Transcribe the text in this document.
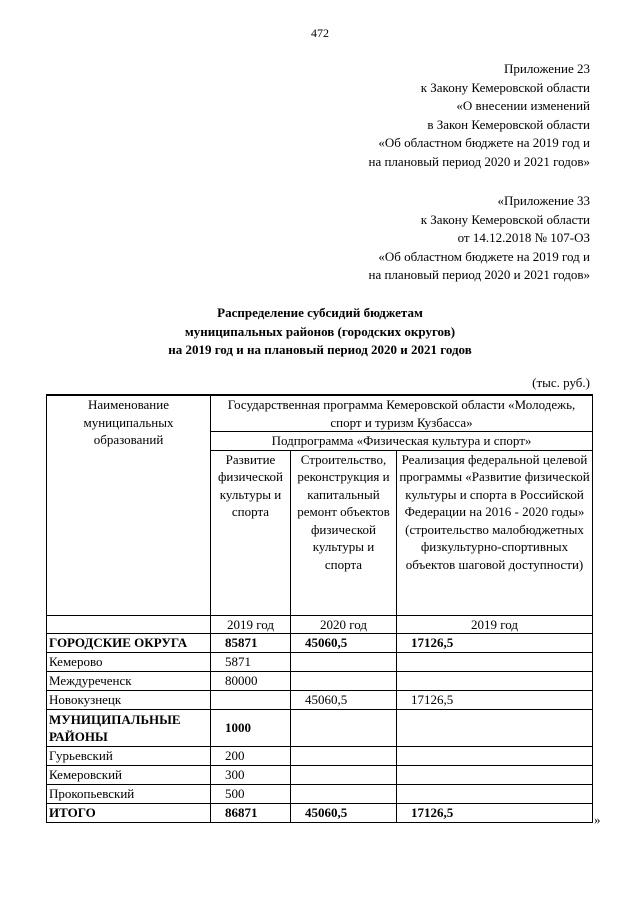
472
Приложение 23
к Закону Кемеровской области
«О внесении изменений
в Закон Кемеровской области
«Об областном бюджете на 2019 год и
на плановый период 2020 и 2021 годов»
«Приложение 33
к Закону Кемеровской области
от 14.12.2018 № 107-ОЗ
«Об областном бюджете на 2019 год и
на плановый период 2020 и 2021 годов»
Распределение субсидий бюджетам
муниципальных районов (городских округов)
на 2019 год и на плановый период 2020 и 2021 годов
(тыс. руб.)
Наименование муниципальных образований	Государственная программа Кемеровской области «Молодежь, спорт и туризм Кузбасса»		
	Подпрограмма «Физическая культура и спорт»		
	Развитие физической культуры и спорта	Строительство, реконструкция и капитальный ремонт объектов физической культуры и спорта	Реализация федеральной целевой программы «Развитие физической культуры и спорта в Российской Федерации на 2016 - 2020 годы» (строительство малобюджетных физкультурно-спортивных объектов шаговой доступности)
	2019 год	2020 год	2019 год
ГОРОДСКИЕ ОКРУГА	85871	45060,5	17126,5
Кемерово	5871		
Междуреченск	80000		
Новокузнецк		45060,5	17126,5
МУНИЦИПАЛЬНЫЕ РАЙОНЫ	1000		
Гурьевский	200		
Кемеровский	300		
Прокопьевский	500		
ИТОГО	86871	45060,5	17126,5	»
